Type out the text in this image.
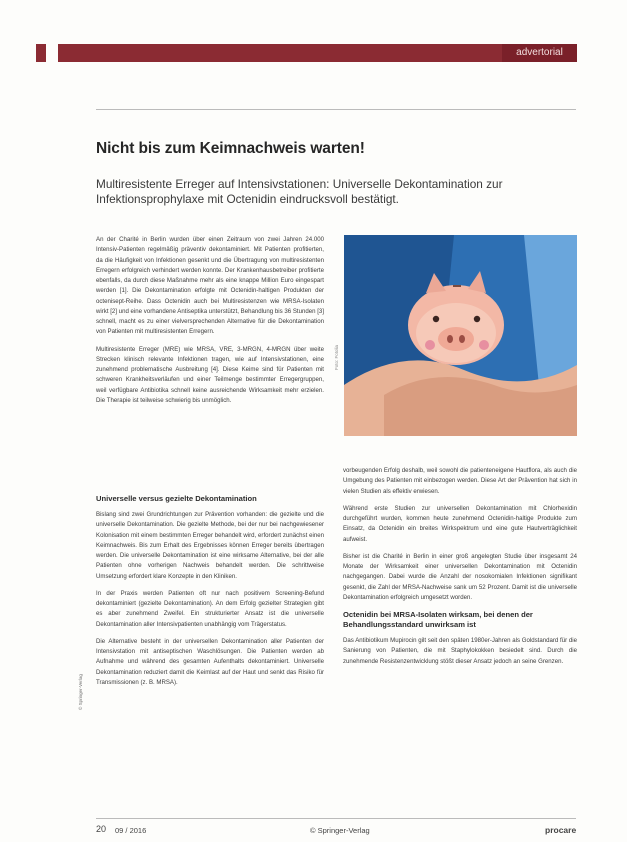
advertorial
Nicht bis zum Keimnachweis warten!

Multiresistente Erreger auf Intensivstationen: Universelle Dekontamination zur Infektionsprophylaxe mit Octenidin eindrucksvoll bestätigt.

An der Charité in Berlin wurden über einen Zeitraum von zwei Jahren 24.000 Intensiv-Patienten regelmäßig präventiv dekontaminiert. Mit Patienten profitierten, da die Häufigkeit von Infektionen gesenkt und die Übertragung von multiresistenten Erregern erfolgreich verhindert werden konnte. Der Krankenhausbetreiber profitierte ebenfalls, da durch diese Maßnahme mehr als eine knappe Million Euro eingespart werden [1]. Die Dekontamination erfolgte mit Octenidin-haltigen Produkten der octenisept-Reihe. Dass Octenidin auch bei Multiresistenzen wie MRSA-Isolaten wirkt [2] und eine vorhandene Antiseptika unterstützt, Behandlung bis 36 Stunden [3] schnell, macht es zu einer vielversprechenden Alternative für die Dekontamination von Patienten mit multiresistenten Erregern.

Multiresistente Erreger (MRE) wie MRSA, VRE, 3-MRGN, 4-MRGN über weite Strecken klinisch relevante Infektionen tragen, wie auf Intensivstationen, eine zunehmend problematische Ausbreitung [4]. Diese Keime sind für Patienten mit schweren Krankheitsverläufen und einer Teilmenge bestimmter Erregergruppen, weil verfügbare Antibiotika schnell keine ausreichende Wirksamkeit mehr erzielen. Die Therapie ist teilweise schwierig bis unmöglich.

Universelle versus gezielte Dekontamination

Bislang sind zwei Grundrichtungen zur Prävention vorhanden: die gezielte und die universelle Dekontamination. Die gezielte Methode, bei der nur bei nachgewiesener Kolonisation mit einem bestimmten Erreger behandelt wird, erfordert zunächst einen Keimnachweis. Bis zum Erhalt des Ergebnisses können Erreger bereits übertragen werden. Die universelle Dekontamination ist eine wirksame Alternative, bei der alle Patienten ohne vorherigen Nachweis behandelt werden. Die schrittweise Umsetzung erfordert klare Konzepte in den Kliniken.

In der Praxis werden Patienten oft nur nach positivem Screening-Befund dekontaminiert (gezielte Dekontamination). An dem Erfolg gezielter Strategien gibt es aber zunehmend Zweifel. Ein strukturierter Ansatz ist die universelle Dekontamination aller Intensivpatienten unabhängig vom Trägerstatus.

Die Alternative besteht in der universellen Dekontamination aller Patienten der Intensivstation mit antiseptischen Waschlösungen. Die Patienten werden ab Aufnahme und während des gesamten Aufenthalts dekontaminiert. Universelle Dekontamination reduziert damit die Keimlast auf der Haut und senkt das Risiko für Transmissionen (z. B. MRSA).

Foto: Fotolia

vorbeugenden Erfolg deshalb, weil sowohl die patienteneigene Hautflora, als auch die Umgebung des Patienten mit einbezogen werden. Diese Art der Prävention hat sich in vielen Studien als effektiv erwiesen.

Während erste Studien zur universellen Dekontamination mit Chlorhexidin durchgeführt wurden, kommen heute zunehmend Octenidin-haltige Produkte zum Einsatz, da Octenidin ein breites Wirkspektrum und eine gute Hautverträglichkeit aufweist.

Bisher ist die Charité in Berlin in einer groß angelegten Studie über insgesamt 24 Monate der Wirksamkeit einer universellen Dekontamination mit Octenidin nachgegangen. Dabei wurde die Anzahl der nosokomialen Infektionen signifikant gesenkt, die Zahl der MRSA-Nachweise sank um 52 Prozent. Damit ist die universelle Dekontamination erfolgreich umgesetzt worden.

Octenidin bei MRSA-Isolaten wirksam, bei denen der Behandlungsstandard unwirksam ist

Das Antibiotikum Mupirocin gilt seit den späten 1980er-Jahren als Goldstandard für die Sanierung von Patienten, die mit Staphylokokken besiedelt sind. Durch die zunehmende Resistenzentwicklung stößt dieser Ansatz jedoch an seine Grenzen.

© Springer-Verlag
20 09 / 2016	© Springer-Verlag	procare
